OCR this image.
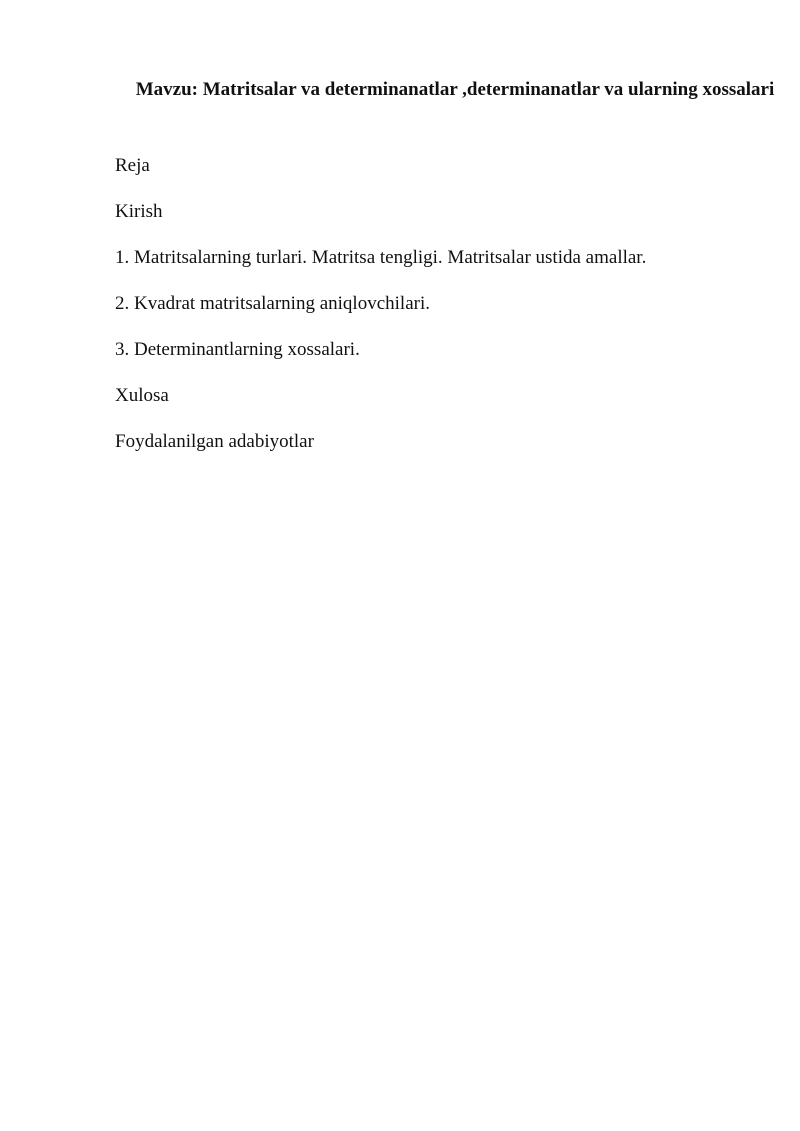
Mavzu: Matritsalar va determinanatlar ,determinanatlar va ularning xossalari

Reja

Kirish

1. Matritsalarning turlari. Matritsa tengligi. Matritsalar ustida amallar.

2. Kvadrat matritsalarning aniqlovchilari.

3. Determinantlarning xossalari.

Xulosa

Foydalanilgan adabiyotlar
